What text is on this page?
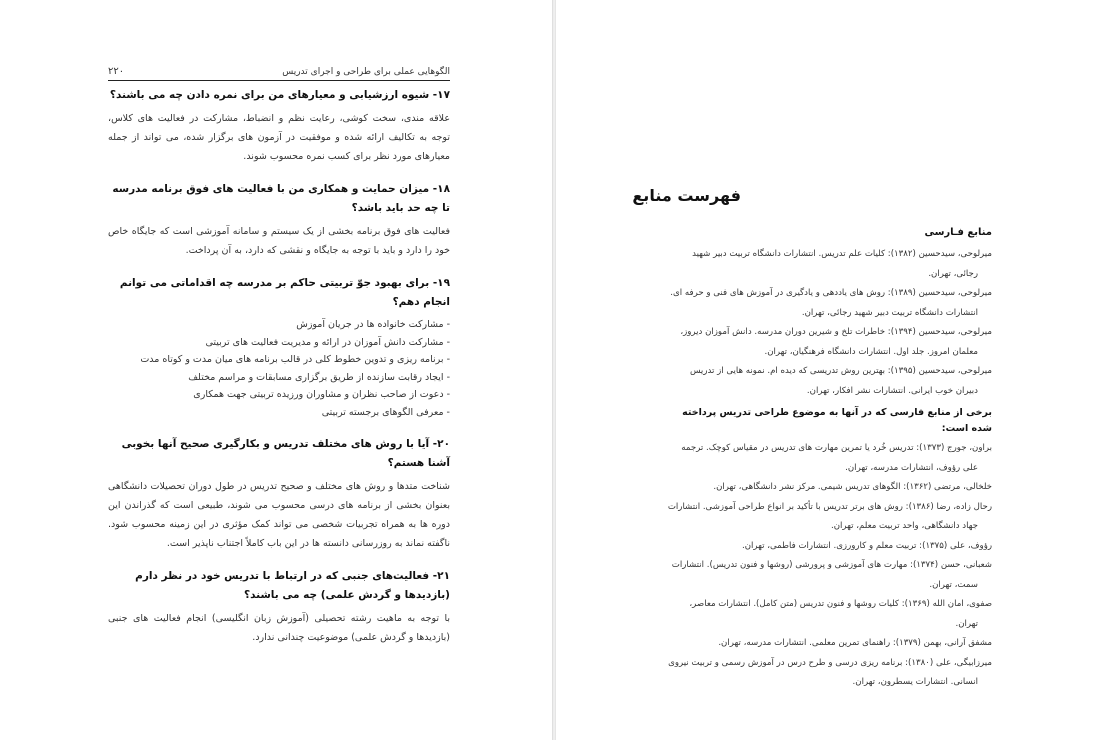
الگوهایی عملی برای طراحی و اجرای تدریس
۲۲۰
۱۷- شیوه ارزشیابی و معیارهای من برای نمره دادن چه می باشند؟

علاقه مندی، سخت کوشی، رعایت نظم و انضباط، مشارکت در فعالیت های کلاس، توجه به تکالیف ارائه شده و موفقیت در آزمون های برگزار شده، می تواند از جمله معیارهای مورد نظر برای کسب نمره محسوب شوند.

۱۸- میزان حمایت و همکاری من با فعالیت های فوق برنامه مدرسه تا چه حد باید باشد؟

فعالیت های فوق برنامه بخشی از یک سیستم و سامانه آموزشی است که جایگاه خاص خود را دارد و باید با توجه به جایگاه و نقشی که دارد، به آن پرداخت.

۱۹- برای بهبود جوّ تربیتی حاکم بر مدرسه چه اقداماتی می توانم انجام دهم؟
- مشارکت خانواده ها در جریان آموزش
- مشارکت دانش آموزان در ارائه و مدیریت فعالیت های تربیتی
- برنامه ریزی و تدوین خطوط کلی در قالب برنامه های میان مدت و کوتاه مدت
- ایجاد رقابت سازنده از طریق برگزاری مسابقات و مراسم مختلف
- دعوت از صاحب نظران و مشاوران ورزیده تربیتی جهت همکاری
- معرفی الگوهای برجسته تربیتی
۲۰- آیا با روش های مختلف تدریس و بکارگیری صحیح آنها بخوبی آشنا هستم؟

شناخت متدها و روش های مختلف و صحیح تدریس در طول دوران تحصیلات دانشگاهی بعنوان بخشی از برنامه های درسی محسوب می شوند، طبیعی است که گذراندن این دوره ها به همراه تجربیات شخصی می تواند کمک مؤثری در این زمینه محسوب شود. ناگفته نماند به روزرسانی دانسته ها در این باب کاملاً اجتناب ناپذیر است.

۲۱- فعالیت‌های جنبی که در ارتباط با تدریس خود در نظر دارم (بازدیدها و گردش علمی) چه می باشند؟

با توجه به ماهیت رشته تحصیلی (آموزش زبان انگلیسی) انجام فعالیت های جنبی (بازدیدها و گردش علمی) موضوعیت چندانی ندارد.

فهرست منابع
منابع فـارسی

میرلوحی، سیدحسین (۱۳۸۲): کلیات علم تدریس. انتشارات دانشگاه تربیت دبیر شهید رجائی، تهران.

میرلوحی، سیدحسین (۱۳۸۹): روش های یاددهی و یادگیری در آموزش های فنی و حرفه ای. انتشارات دانشگاه تربیت دبیر شهید رجائی، تهران.

میرلوحی، سیدحسین (۱۳۹۴): خاطرات تلخ و شیرین دوران مدرسه. دانش آموزان دیروز، معلمان امروز. جلد اول. انتشارات دانشگاه فرهنگیان، تهران.

میرلوحی، سیدحسین (۱۳۹۵): بهترین روش تدریسی که دیده ام. نمونه هایی از تدریس دبیران خوب ایرانی. انتشارات نشر افکار، تهران.

برخی از منابع فارسی که در آنها به موضوع طراحی تدریس پرداخته شده است:

براون، جورج (۱۳۷۳): تدریس خُرد یا تمرین مهارت های تدریس در مقیاس کوچک. ترجمه علی رؤوف، انتشارات مدرسه، تهران.

خلخالی، مرتضی (۱۳۶۲): الگوهای تدریس شیمی. مرکز نشر دانشگاهی، تهران.

رحال زاده، رضا (۱۳۸۶): روش های برتر تدریس با تأکید بر انواع طراحی آموزشی. انتشارات جهاد دانشگاهی، واحد تربیت معلم، تهران.

رؤوف، علی (۱۳۷۵): تربیت معلم و کارورزی. انتشارات فاطمی، تهران.

شعبانی، حسن (۱۳۷۴): مهارت های آموزشی و پرورشی (روشها و فنون تدریس). انتشارات سمت، تهران.

صفوی، امان الله (۱۳۶۹): کلیات روشها و فنون تدریس (متن کامل). انتشارات معاصر، تهران.

مشفق آرانی، بهمن (۱۳۷۹): راهنمای تمرین معلمی. انتشارات مدرسه، تهران.

میرزابیگی، علی (۱۳۸۰): برنامه ریزی درسی و طرح درس در آموزش رسمی و تربیت نیروی انسانی. انتشارات یسطرون، تهران.
